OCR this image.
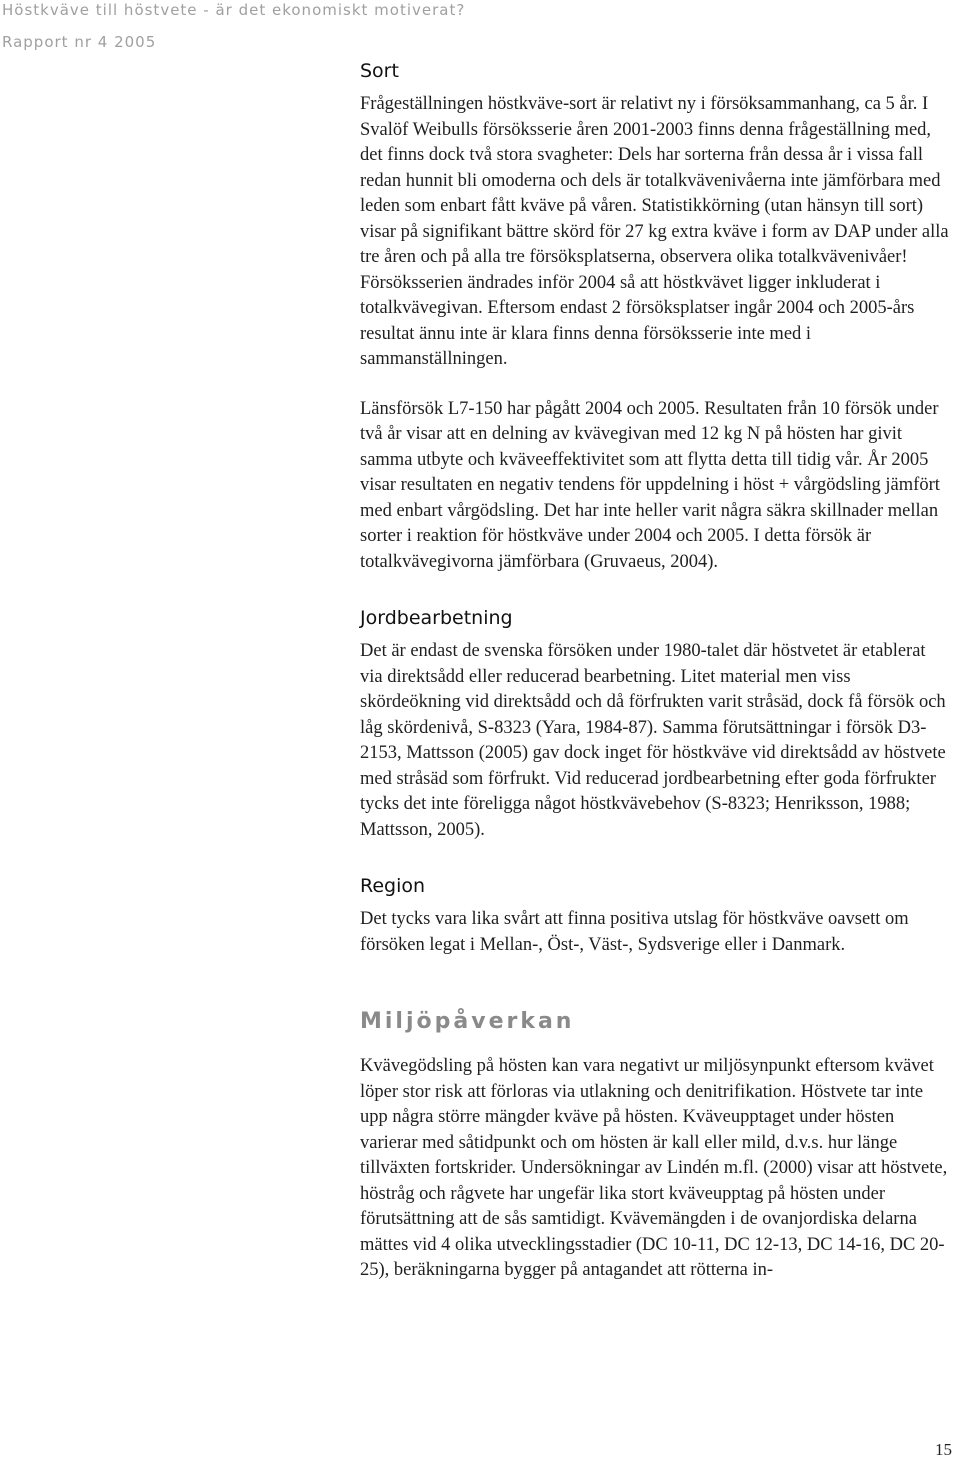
Höstkväve till höstvete - är det ekonomiskt motiverat?
Rapport nr 4 2005
Sort

Frågeställningen höstkväve-sort är relativt ny i försöksammanhang, ca 5 år. I Svalöf Weibulls försöksserie åren 2001-2003 finns denna frågeställning med, det finns dock två stora svagheter: Dels har sorterna från dessa år i vissa fall redan hunnit bli omoderna och dels är totalkvävenivåerna inte jämförbara med leden som enbart fått kväve på våren. Statistikkörning (utan hänsyn till sort) visar på signifikant bättre skörd för 27 kg extra kväve i form av DAP under alla tre åren och på alla tre försöksplatserna, observera olika totalkvävenivåer! Försöksserien ändrades inför 2004 så att höstkvävet ligger inkluderat i totalkvävegivan. Eftersom endast 2 försöksplatser ingår 2004 och 2005-års resultat ännu inte är klara finns denna försöksserie inte med i sammanställningen.

Länsförsök L7-150 har pågått 2004 och 2005. Resultaten från 10 försök under två år visar att en delning av kvävegivan med 12 kg N på hösten har givit samma utbyte och kväveeffektivitet som att flytta detta till tidig vår. År 2005 visar resultaten en negativ tendens för uppdelning i höst + vårgödsling jämfört med enbart vårgödsling. Det har inte heller varit några säkra skillnader mellan sorter i reaktion för höstkväve under 2004 och 2005. I detta försök är totalkvävegivorna jämförbara (Gruvaeus, 2004).

Jordbearbetning

Det är endast de svenska försöken under 1980-talet där höstvetet är etablerat via direktsådd eller reducerad bearbetning. Litet material men viss skördeökning vid direktsådd och då förfrukten varit stråsäd, dock få försök och låg skördenivå, S-8323 (Yara, 1984-87). Samma förutsättningar i försök D3-2153, Mattsson (2005) gav dock inget för höstkväve vid direktsådd av höstvete med stråsäd som förfrukt. Vid reducerad jordbearbetning efter goda förfrukter tycks det inte föreligga något höstkvävebehov (S-8323; Henriksson, 1988; Mattsson, 2005).

Region

Det tycks vara lika svårt att finna positiva utslag för höstkväve oavsett om försöken legat i Mellan-, Öst-, Väst-, Sydsverige eller i Danmark.

Miljöpåverkan

Kvävegödsling på hösten kan vara negativt ur miljösynpunkt eftersom kvävet löper stor risk att förloras via utlakning och denitrifikation. Höstvete tar inte upp några större mängder kväve på hösten. Kväveupptaget under hösten varierar med såtidpunkt och om hösten är kall eller mild, d.v.s. hur länge tillväxten fortskrider. Undersökningar av Lindén m.fl. (2000) visar att höstvete, höstråg och rågvete har ungefär lika stort kväveupptag på hösten under förutsättning att de sås samtidigt. Kvävemängden i de ovanjordiska delarna mättes vid 4 olika utvecklingsstadier (DC 10-11, DC 12-13, DC 14-16, DC 20-25), beräkningarna bygger på antagandet att rötterna in-

15
